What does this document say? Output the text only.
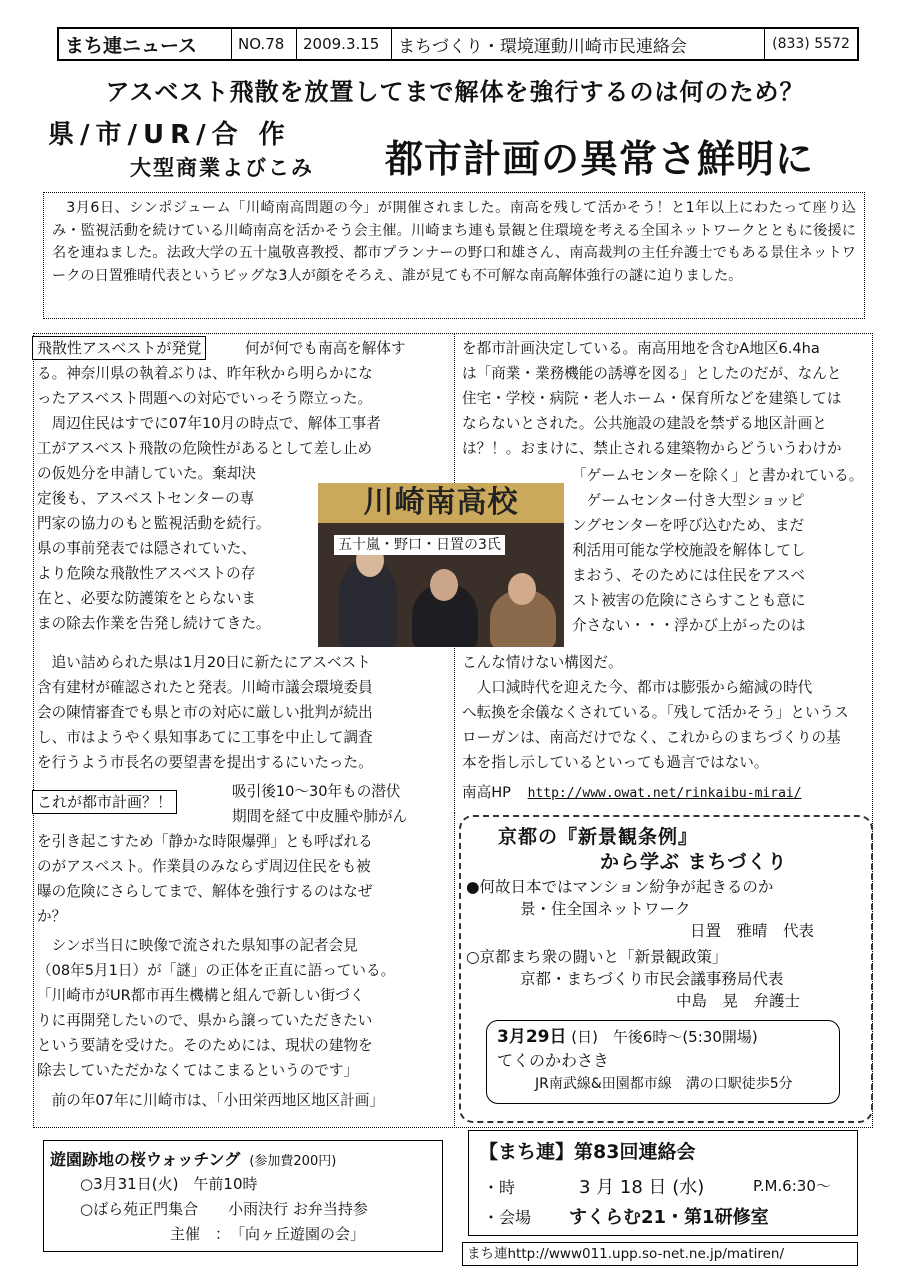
まち連ニュース	NO.78	2009.3.15	まちづくり・環境運動川崎市民連絡会	(833) 5572
アスベスト飛散を放置してまで解体を強行するのは何のため？
県/市/UR/合 作
大型商業よびこみ 都市計画の異常さ鮮明に
3月6日、シンポジューム「川崎南高問題の今」が開催されました。南高を残して活かそう！と1年以上にわたって座り込み・監視活動を続けている川崎南高を活かそう会主催。川崎まち連も景観と住環境を考える全国ネットワークとともに後援に名を連ねました。法政大学の五十嵐敬喜教授、都市プランナーの野口和雄さん、南高裁判の主任弁護士でもある景住ネットワークの日置雅晴代表というビッグな3人が顔をそろえ、誰が見ても不可解な南高解体強行の謎に迫りました。
飛散性アスベストが発覚	何が何でも南高を解体す
る。神奈川県の執着ぶりは、昨年秋から明らかにな
ったアスベスト問題への対応でいっそう際立った。
　周辺住民はすでに07年10月の時点で、解体工事者
工がアスベスト飛散の危険性があるとして差し止め
の仮処分を申請していた。棄却決
定後も、アスベストセンターの専
門家の協力のもと監視活動を続行。
県の事前発表では隠されていた、
より危険な飛散性アスベストの存
在と、必要な防護策をとらないま
まの除去作業を告発し続けてきた。
　追い詰められた県は1月20日に新たにアスベスト
含有建材が確認されたと発表。川崎市議会環境委員
会の陳情審査でも県と市の対応に厳しい批判が続出
し、市はようやく県知事あてに工事を中止して調査
を行うよう市長名の要望書を提出するにいたった。
これが都市計画？！
吸引後10～30年もの潜伏
期間を経て中皮腫や肺がん
を引き起こすため「静かな時限爆弾」とも呼ばれる
のがアスベスト。作業員のみならず周辺住民をも被
曝の危険にさらしてまで、解体を強行するのはなぜ
か？
　シンポ当日に映像で流された県知事の記者会見
（08年5月1日）が「謎」の正体を正直に語っている。
「川崎市がUR都市再生機構と組んで新しい街づく
りに再開発したいので、県から譲っていただきたい
という要請を受けた。そのためには、現状の建物を
除去していただかなくてはこまるというのです」
　前の年07年に川崎市は、「小田栄西地区地区計画」
川崎南高校
五十嵐・野口・日置の3氏
を都市計画決定している。南高用地を含むA地区6.4ha
は「商業・業務機能の誘導を図る」としたのだが、なんと
住宅・学校・病院・老人ホーム・保育所などを建築しては
ならないとされた。公共施設の建設を禁ずる地区計画と
は？！。おまけに、禁止される建築物からどういうわけか
「ゲームセンターを除く」と書かれている。
　ゲームセンター付き大型ショッピ
ングセンターを呼び込むため、まだ
利活用可能な学校施設を解体してし
まおう、そのためには住民をアスベ
スト被害の危険にさらすことも意に
介さない・・・浮かび上がったのは
こんな情けない構図だ。
　人口減時代を迎えた今、都市は膨張から縮減の時代
へ転換を余儀なくされている。「残して活かそう」というス
ローガンは、南高だけでなく、これからのまちづくりの基
本を指し示しているといっても過言ではない。
南高HP http://www.owat.net/rinkaibu-mirai/
京都の『新景観条例』
から学ぶ まちづくり
●何故日本ではマンション紛争が起きるのか
景・住全国ネットワーク
日置　雅晴　代表
○京都まち衆の闘いと「新景観政策」
京都・まちづくり市民会議事務局代表
中島　晃　弁護士
3月29日 (日) 午後6時～(5:30開場)
てくのかわさき
JR南武線&田園都市線　溝の口駅徒歩5分
遊園跡地の桜ウォッチング (参加費200円)
○3月31日(火)　午前10時
○ばら苑正門集合　　小雨決行 お弁当持参
主催　：　「向ヶ丘遊園の会」
【まち連】第83回連絡会
・時	3 月 18 日 (水)	P.M.6:30～
・会場 すくらむ21・第1研修室
まち連http://www011.upp.so-net.ne.jp/matiren/
